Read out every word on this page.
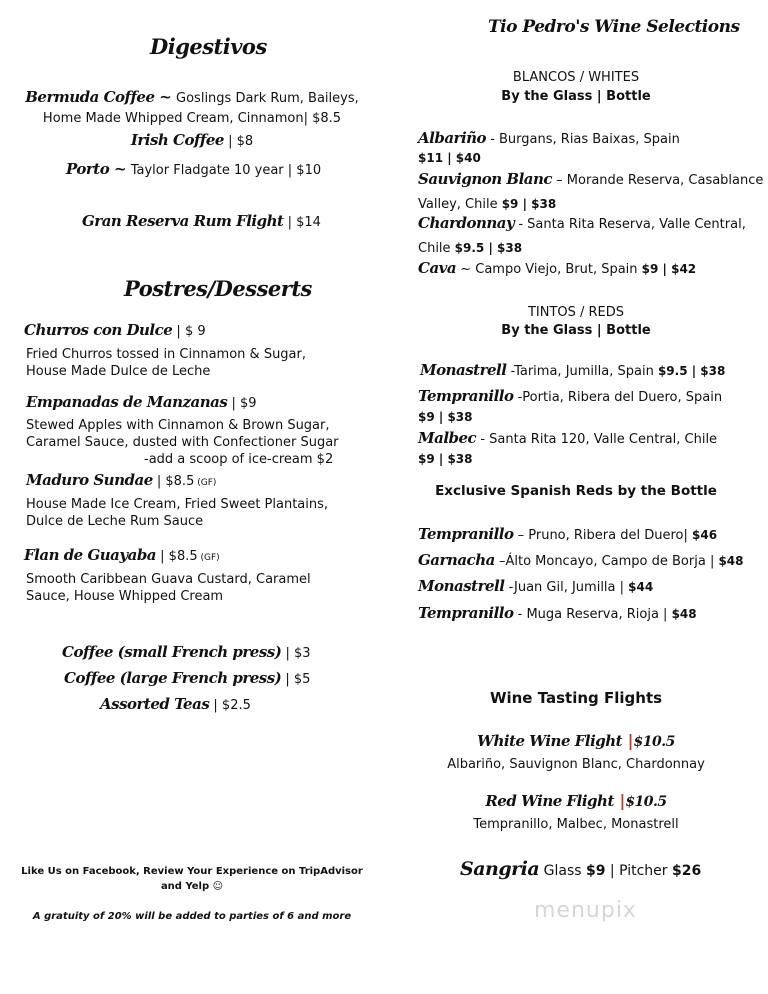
Digestivos
Bermuda Coffee ~ Goslings Dark Rum, Baileys,
Home Made Whipped Cream, Cinnamon| $8.5
Irish Coffee | $8
Porto ~ Taylor Fladgate 10 year | $10
Gran Reserva Rum Flight | $14
Postres/Desserts
Churros con Dulce | $ 9
Fried Churros tossed in Cinnamon & Sugar,
House Made Dulce de Leche
Empanadas de Manzanas | $9
Stewed Apples with Cinnamon & Brown Sugar,
Caramel Sauce, dusted with Confectioner Sugar
-add a scoop of ice-cream $2
Maduro Sundae | $8.5 (GF)
House Made Ice Cream, Fried Sweet Plantains,
Dulce de Leche Rum Sauce
Flan de Guayaba | $8.5 (GF)
Smooth Caribbean Guava Custard, Caramel
Sauce, House Whipped Cream
Coffee (small French press) | $3
Coffee (large French press) | $5
Assorted Teas | $2.5
Like Us on Facebook, Review Your Experience on TripAdvisor
and Yelp ☺
A gratuity of 20% will be added to parties of 6 and more
Tio Pedro's Wine Selections
BLANCOS / WHITES
By the Glass | Bottle
Albariño - Burgans, Rias Baixas, Spain
$11 | $40
Sauvignon Blanc – Morande Reserva, Casablance
Valley, Chile $9 | $38
Chardonnay - Santa Rita Reserva, Valle Central,
Chile $9.5 | $38
Cava ~ Campo Viejo, Brut, Spain $9 | $42
TINTOS / REDS
By the Glass | Bottle
Monastrell -Tarima, Jumilla, Spain $9.5 | $38
Tempranillo -Portia, Ribera del Duero, Spain
$9 | $38
Malbec - Santa Rita 120, Valle Central, Chile
$9 | $38
Exclusive Spanish Reds by the Bottle
Tempranillo – Pruno, Ribera del Duero| $46
Garnacha –Álto Moncayo, Campo de Borja | $48
Monastrell -Juan Gil, Jumilla | $44
Tempranillo - Muga Reserva, Rioja | $48
Wine Tasting Flights
White Wine Flight |$10.5
Albariño, Sauvignon Blanc, Chardonnay
Red Wine Flight |$10.5
Tempranillo, Malbec, Monastrell
Sangria Glass $9 | Pitcher $26
menupix
